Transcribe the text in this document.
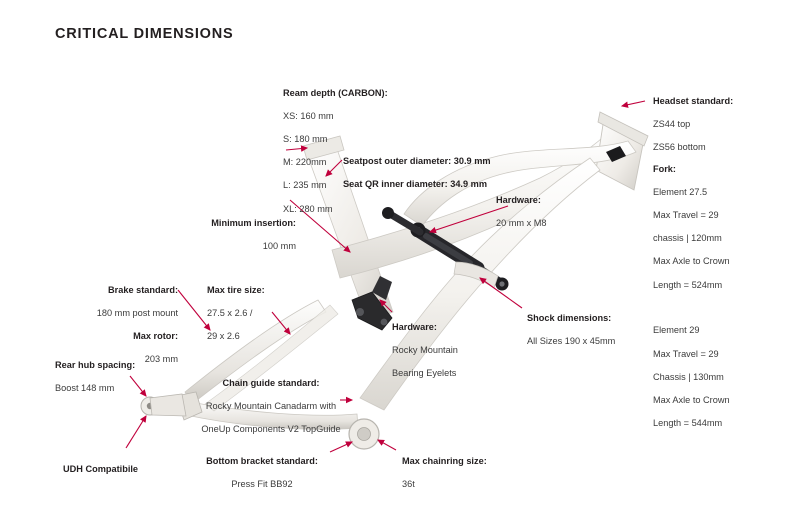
CRITICAL DIMENSIONS

Ream depth (CARBON):

XS: 160 mm

S: 180 mm

M: 220mm

L: 235 mm

XL: 280 mm

Seatpost outer diameter: 30.9 mm

Seat QR inner diameter: 34.9 mm

Minimum insertion:

100 mm

Headset standard:

ZS44 top

ZS56 bottom

Fork:

Element 27.5

Max Travel = 29

chassis | 120mm

Max Axle to Crown

Length = 524mm

Element 29

Max Travel = 29

Chassis | 130mm

Max Axle to Crown

Length = 544mm

Hardware:

20 mm x M8

Shock dimensions:

All Sizes 190 x 45mm

Hardware:

Rocky Mountain

Bearing Eyelets

Brake standard:

180 mm post mount

Max rotor:

203 mm

Max tire size:

27.5 x 2.6 /

29 x 2.6

Rear hub spacing:

Boost 148 mm

UDH Compatibile

Chain guide standard:

Rocky Mountain Canadarm with

OneUp Components V2 TopGuide

Bottom bracket standard:

Press Fit BB92

Max chainring size:

36t
